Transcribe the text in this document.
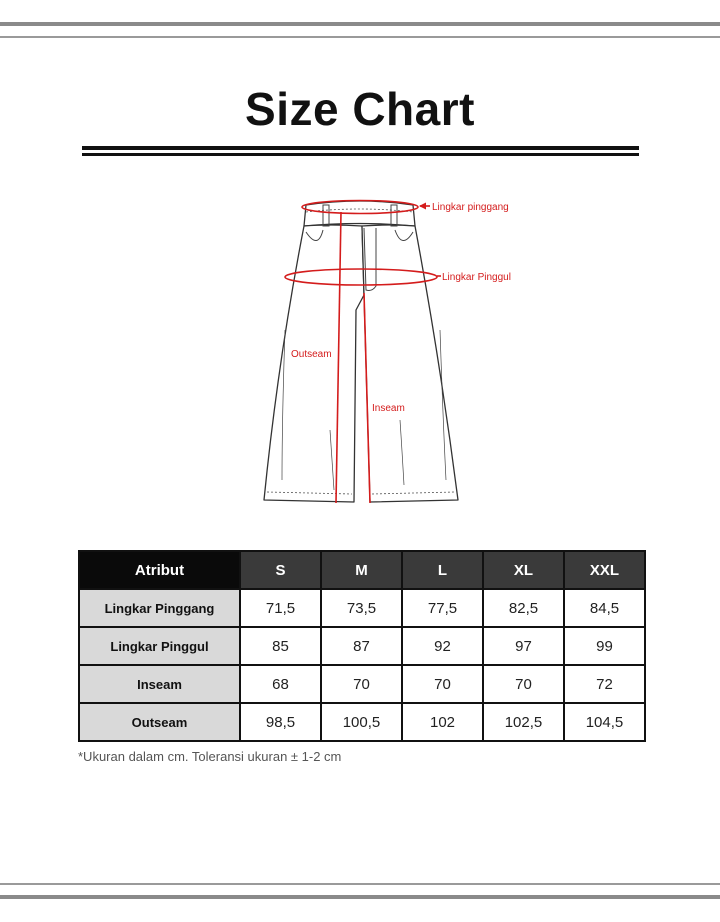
Size Chart
Lingkar pinggang
Lingkar Pinggul
Outseam
Inseam
Atribut	S	M	L	XL	XXL
Lingkar Pinggang	71,5	73,5	77,5	82,5	84,5
Lingkar Pinggul	85	87	92	97	99
Inseam	68	70	70	70	72
Outseam	98,5	100,5	102	102,5	104,5
*Ukuran dalam cm. Toleransi ukuran ± 1-2 cm
